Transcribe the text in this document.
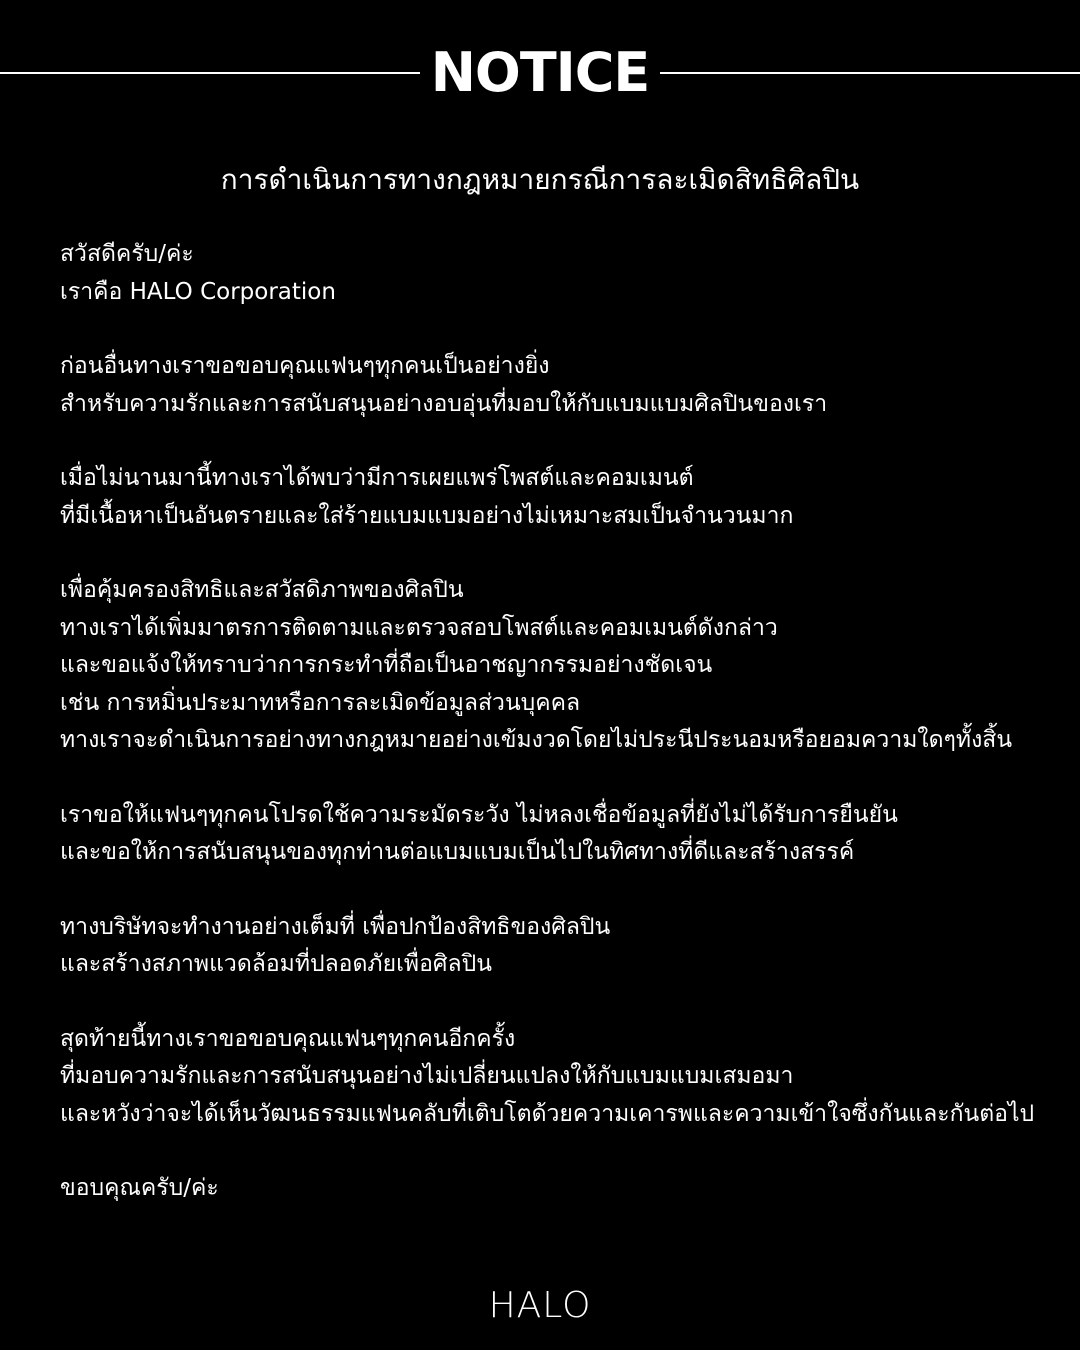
NOTICE
การดำเนินการทางกฎหมายกรณีการละเมิดสิทธิศิลปิน
สวัสดีครับ/ค่ะ
เราคือ HALO Corporation
ก่อนอื่นทางเราขอขอบคุณแฟนๆทุกคนเป็นอย่างยิ่ง
สำหรับความรักและการสนับสนุนอย่างอบอุ่นที่มอบให้กับแบมแบมศิลปินของเรา
เมื่อไม่นานมานี้ทางเราได้พบว่ามีการเผยแพร่โพสต์และคอมเมนต์
ที่มีเนื้อหาเป็นอันตรายและใส่ร้ายแบมแบมอย่างไม่เหมาะสมเป็นจำนวนมาก
เพื่อคุ้มครองสิทธิและสวัสดิภาพของศิลปิน
ทางเราได้เพิ่มมาตรการติดตามและตรวจสอบโพสต์และคอมเมนต์ดังกล่าว
และขอแจ้งให้ทราบว่าการกระทำที่ถือเป็นอาชญากรรมอย่างชัดเจน
เช่น การหมิ่นประมาทหรือการละเมิดข้อมูลส่วนบุคคล
ทางเราจะดำเนินการอย่างทางกฎหมายอย่างเข้มงวดโดยไม่ประนีประนอมหรือยอมความใดๆทั้งสิ้น
เราขอให้แฟนๆทุกคนโปรดใช้ความระมัดระวัง ไม่หลงเชื่อข้อมูลที่ยังไม่ได้รับการยืนยัน
และขอให้การสนับสนุนของทุกท่านต่อแบมแบมเป็นไปในทิศทางที่ดีและสร้างสรรค์
ทางบริษัทจะทำงานอย่างเต็มที่ เพื่อปกป้องสิทธิของศิลปิน
และสร้างสภาพแวดล้อมที่ปลอดภัยเพื่อศิลปิน
สุดท้ายนี้ทางเราขอขอบคุณแฟนๆทุกคนอีกครั้ง
ที่มอบความรักและการสนับสนุนอย่างไม่เปลี่ยนแปลงให้กับแบมแบมเสมอมา
และหวังว่าจะได้เห็นวัฒนธรรมแฟนคลับที่เติบโตด้วยความเคารพและความเข้าใจซึ่งกันและกันต่อไป
ขอบคุณครับ/ค่ะ
HALO
